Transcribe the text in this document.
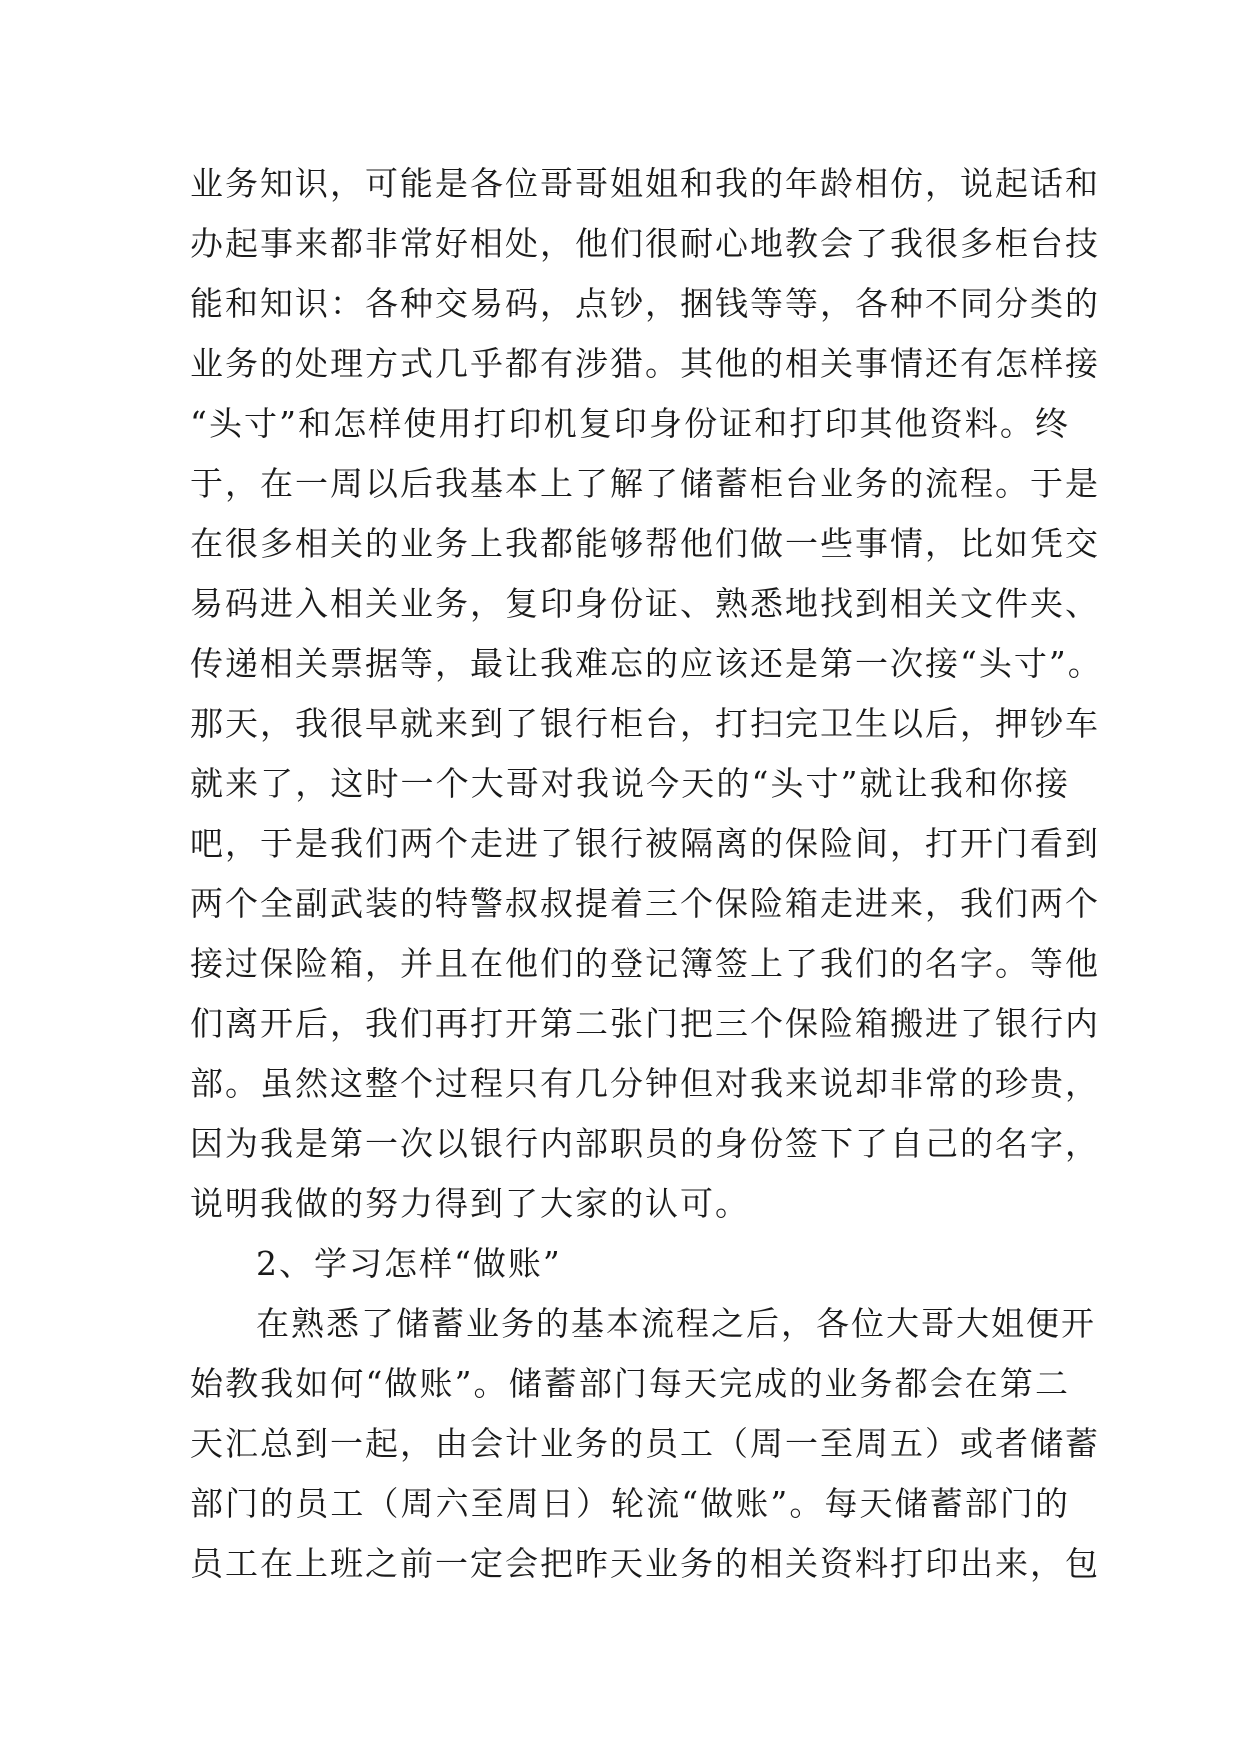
业务知识，可能是各位哥哥姐姐和我的年龄相仿，说起话和
办起事来都非常好相处，他们很耐心地教会了我很多柜台技
能和知识：各种交易码，点钞，捆钱等等，各种不同分类的
业务的处理方式几乎都有涉猎。其他的相关事情还有怎样接
“头寸”和怎样使用打印机复印身份证和打印其他资料。终
于，在一周以后我基本上了解了储蓄柜台业务的流程。于是
在很多相关的业务上我都能够帮他们做一些事情，比如凭交
易码进入相关业务，复印身份证、熟悉地找到相关文件夹、
传递相关票据等，最让我难忘的应该还是第一次接“头寸”。
那天，我很早就来到了银行柜台，打扫完卫生以后，押钞车
就来了，这时一个大哥对我说今天的“头寸”就让我和你接
吧，于是我们两个走进了银行被隔离的保险间，打开门看到
两个全副武装的特警叔叔提着三个保险箱走进来，我们两个
接过保险箱，并且在他们的登记簿签上了我们的名字。等他
们离开后，我们再打开第二张门把三个保险箱搬进了银行内
部。虽然这整个过程只有几分钟但对我来说却非常的珍贵，
因为我是第一次以银行内部职员的身份签下了自己的名字，
说明我做的努力得到了大家的认可。
2、学习怎样“做账”
在熟悉了储蓄业务的基本流程之后，各位大哥大姐便开
始教我如何“做账”。储蓄部门每天完成的业务都会在第二
天汇总到一起，由会计业务的员工（周一至周五）或者储蓄
部门的员工（周六至周日）轮流“做账”。每天储蓄部门的
员工在上班之前一定会把昨天业务的相关资料打印出来，包
